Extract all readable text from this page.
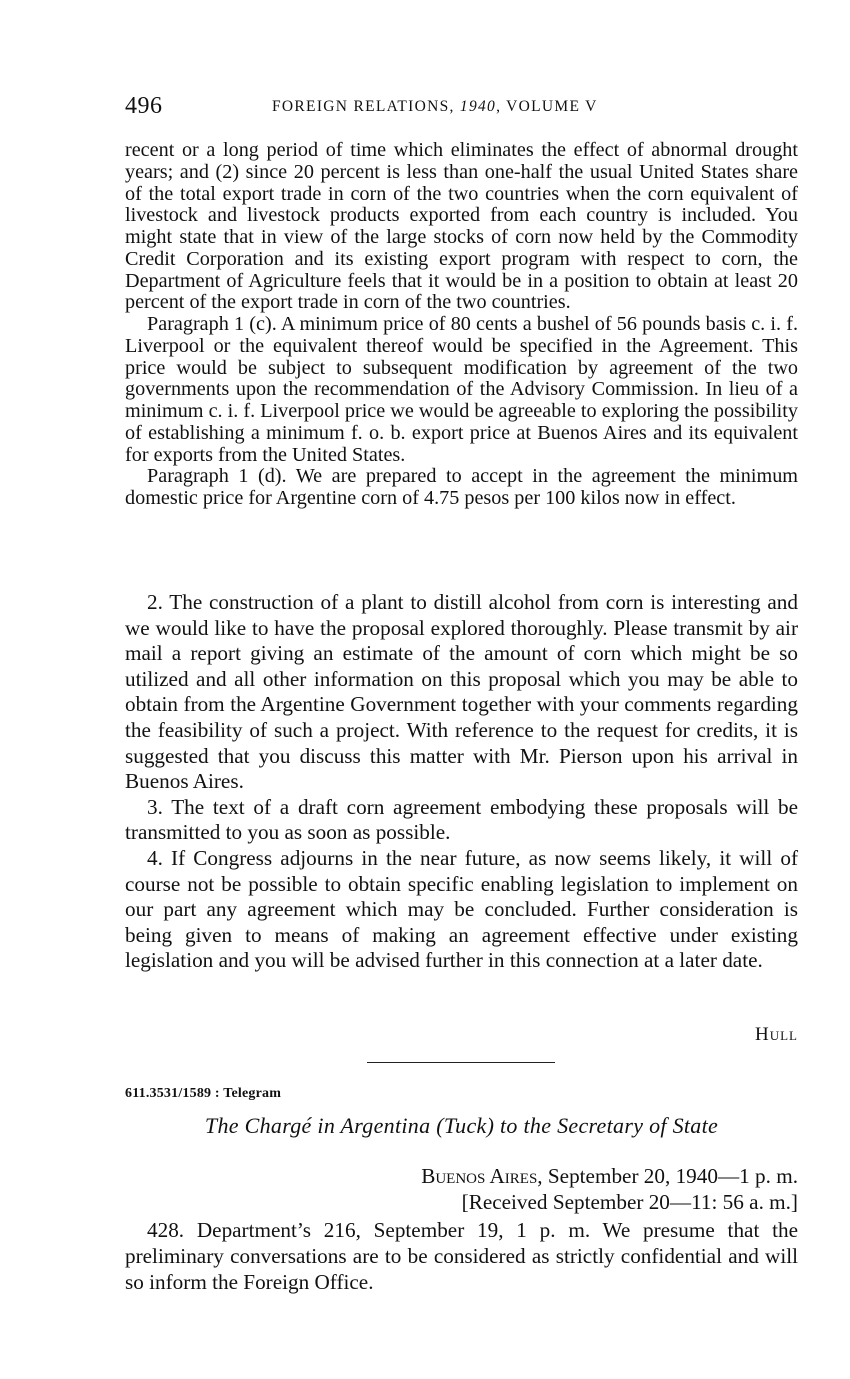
496	FOREIGN RELATIONS, 1940, VOLUME V

recent or a long period of time which eliminates the effect of abnormal drought years; and (2) since 20 percent is less than one-half the usual United States share of the total export trade in corn of the two countries when the corn equivalent of livestock and livestock products exported from each country is included. You might state that in view of the large stocks of corn now held by the Commodity Credit Corporation and its existing export program with respect to corn, the Department of Agriculture feels that it would be in a position to obtain at least 20 percent of the export trade in corn of the two countries.

Paragraph 1 (c). A minimum price of 80 cents a bushel of 56 pounds basis c. i. f. Liverpool or the equivalent thereof would be specified in the Agreement. This price would be subject to subsequent modification by agreement of the two governments upon the recommendation of the Advisory Commission. In lieu of a minimum c. i. f. Liverpool price we would be agreeable to exploring the possibility of establishing a minimum f. o. b. export price at Buenos Aires and its equivalent for exports from the United States.

Paragraph 1 (d). We are prepared to accept in the agreement the minimum domestic price for Argentine corn of 4.75 pesos per 100 kilos now in effect.

2. The construction of a plant to distill alcohol from corn is interesting and we would like to have the proposal explored thoroughly. Please transmit by air mail a report giving an estimate of the amount of corn which might be so utilized and all other information on this proposal which you may be able to obtain from the Argentine Government together with your comments regarding the feasibility of such a project. With reference to the request for credits, it is suggested that you discuss this matter with Mr. Pierson upon his arrival in Buenos Aires.

3. The text of a draft corn agreement embodying these proposals will be transmitted to you as soon as possible.

4. If Congress adjourns in the near future, as now seems likely, it will of course not be possible to obtain specific enabling legislation to implement on our part any agreement which may be concluded. Further consideration is being given to means of making an agreement effective under existing legislation and you will be advised further in this connection at a later date.

Hull
611.3531/1589 : Telegram
The Chargé in Argentina (Tuck) to the Secretary of State
Buenos Aires, September 20, 1940—1 p. m.
[Received September 20—11: 56 a. m.]

428. Department’s 216, September 19, 1 p. m. We presume that the preliminary conversations are to be considered as strictly confidential and will so inform the Foreign Office.
